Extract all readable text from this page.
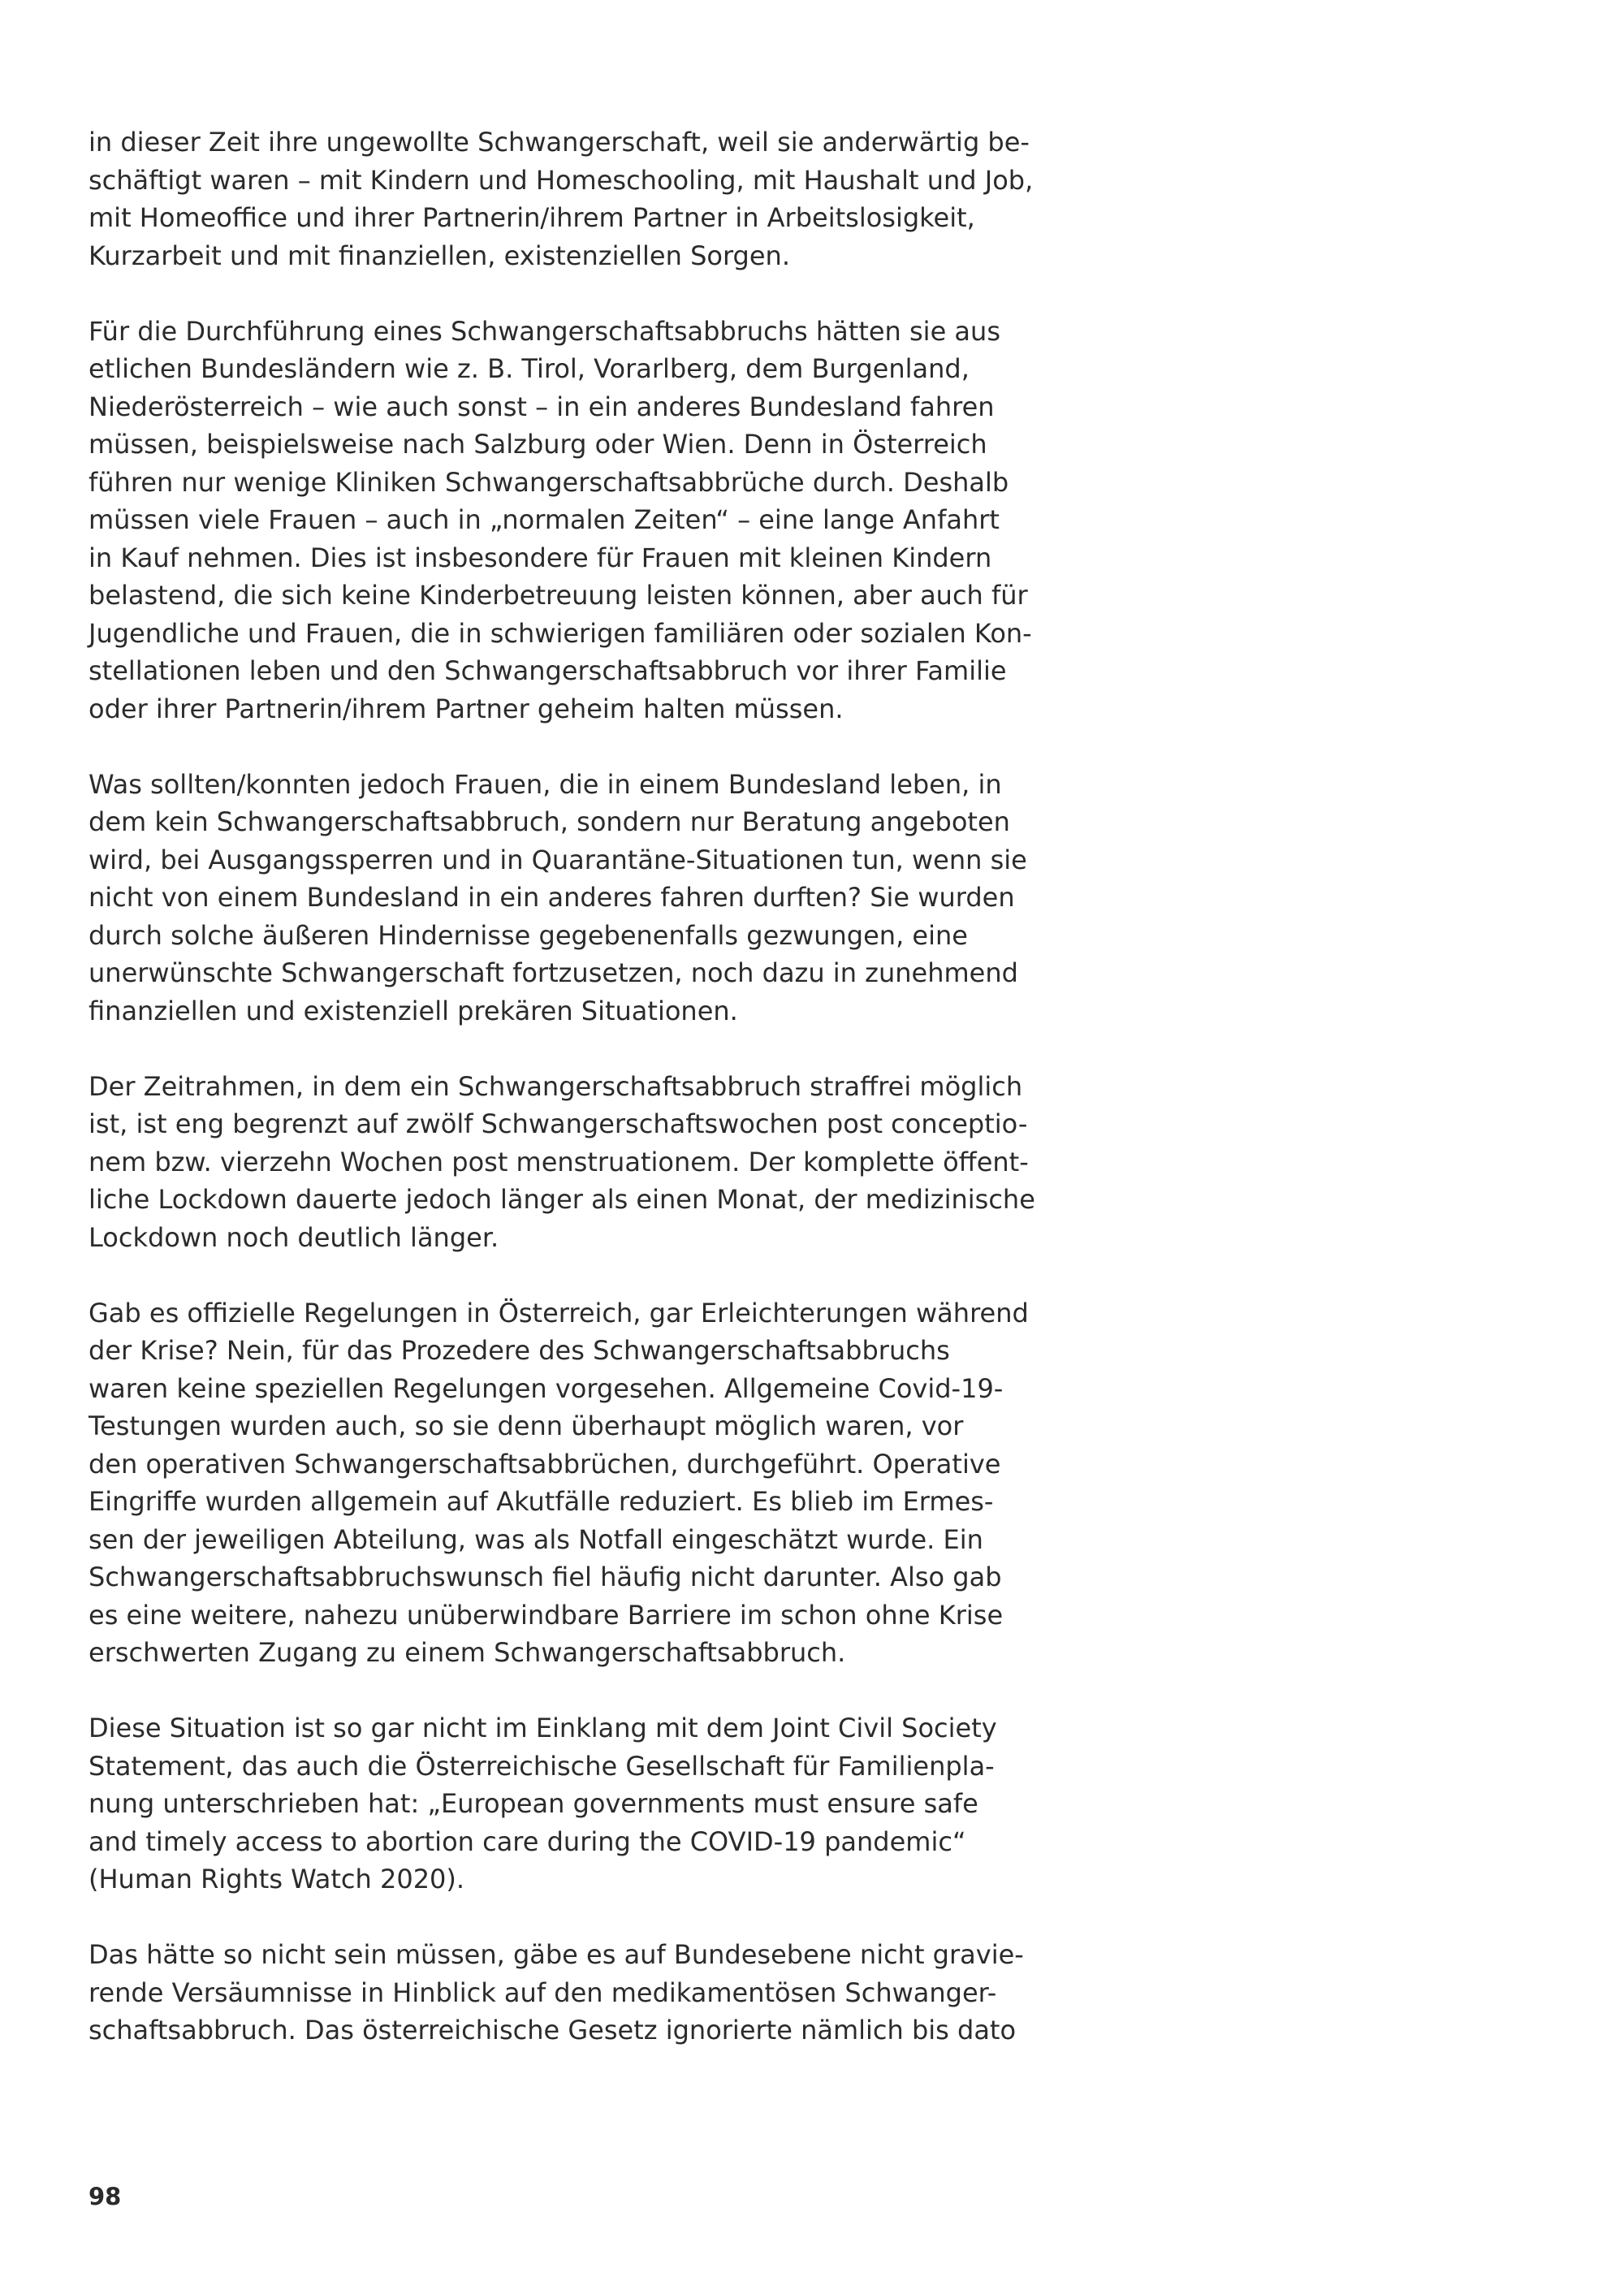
in dieser Zeit ihre ungewollte Schwangerschaft, weil sie anderwärtig be-
schäftigt waren – mit Kindern und Homeschooling, mit Haushalt und Job,
mit Homeoffice und ihrer Partnerin/ihrem Partner in Arbeitslosigkeit,
Kurzarbeit und mit finanziellen, existenziellen Sorgen.

Für die Durchführung eines Schwangerschaftsabbruchs hätten sie aus
etlichen Bundesländern wie z. B. Tirol, Vorarlberg, dem Burgenland,
Niederösterreich – wie auch sonst – in ein anderes Bundesland fahren
müssen, beispielsweise nach Salzburg oder Wien. Denn in Österreich
führen nur wenige Kliniken Schwangerschaftsabbrüche durch. Deshalb
müssen viele Frauen – auch in „normalen Zeiten“ – eine lange Anfahrt
in Kauf nehmen. Dies ist insbesondere für Frauen mit kleinen Kindern
belastend, die sich keine Kinderbetreuung leisten können, aber auch für
Jugendliche und Frauen, die in schwierigen familiären oder sozialen Kon-
stellationen leben und den Schwangerschaftsabbruch vor ihrer Familie
oder ihrer Partnerin/ihrem Partner geheim halten müssen.

Was sollten/konnten jedoch Frauen, die in einem Bundesland leben, in
dem kein Schwangerschaftsabbruch, sondern nur Beratung angeboten
wird, bei Ausgangssperren und in Quarantäne-Situationen tun, wenn sie
nicht von einem Bundesland in ein anderes fahren durften? Sie wurden
durch solche äußeren Hindernisse gegebenenfalls gezwungen, eine
unerwünschte Schwangerschaft fortzusetzen, noch dazu in zunehmend
finanziellen und existenziell prekären Situationen.

Der Zeitrahmen, in dem ein Schwangerschaftsabbruch straffrei möglich
ist, ist eng begrenzt auf zwölf Schwangerschaftswochen post conceptio-
nem bzw. vierzehn Wochen post menstruationem. Der komplette öffent-
liche Lockdown dauerte jedoch länger als einen Monat, der medizinische
Lockdown noch deutlich länger.

Gab es offizielle Regelungen in Österreich, gar Erleichterungen während
der Krise? Nein, für das Prozedere des Schwangerschaftsabbruchs
waren keine speziellen Regelungen vorgesehen. Allgemeine Covid-19-
Testungen wurden auch, so sie denn überhaupt möglich waren, vor
den operativen Schwangerschaftsabbrüchen, durchgeführt. Operative
Eingriffe wurden allgemein auf Akutfälle reduziert. Es blieb im Ermes-
sen der jeweiligen Abteilung, was als Notfall eingeschätzt wurde. Ein
Schwangerschaftsabbruchswunsch fiel häufig nicht darunter. Also gab
es eine weitere, nahezu unüberwindbare Barriere im schon ohne Krise
erschwerten Zugang zu einem Schwangerschaftsabbruch.

Diese Situation ist so gar nicht im Einklang mit dem Joint Civil Society
Statement, das auch die Österreichische Gesellschaft für Familienpla-
nung unterschrieben hat: „European governments must ensure safe
and timely access to abortion care during the COVID-19 pandemic“
(Human Rights Watch 2020).

Das hätte so nicht sein müssen, gäbe es auf Bundesebene nicht gravie-
rende Versäumnisse in Hinblick auf den medikamentösen Schwanger-
schaftsabbruch. Das österreichische Gesetz ignorierte nämlich bis dato

98
